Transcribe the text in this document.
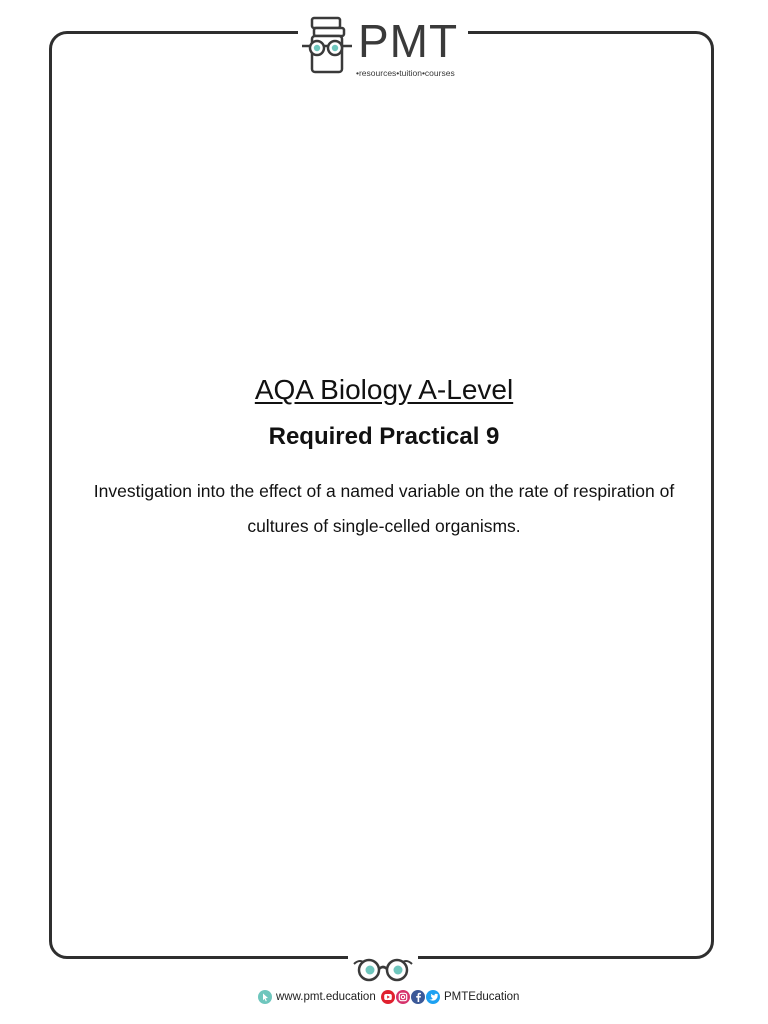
PMT
•resources•tuition•courses
AQA Biology A-Level
Required Practical 9
Investigation into the effect of a named variable on the rate of respiration of cultures of single-celled organisms.
www.pmt.education	PMTEducation
